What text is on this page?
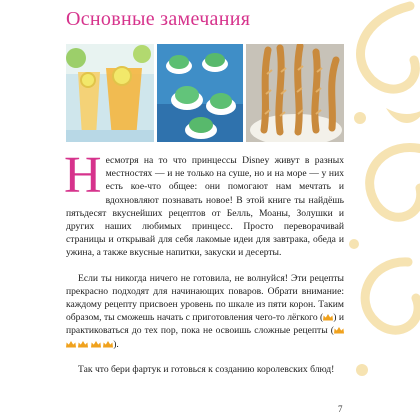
Основные замечания

Несмотря на то что принцессы Disney живут в разных местностях — и не только на суше, но и на море — у них есть кое-что общее: они помогают нам мечтать и вдохновляют познавать новое! В этой книге ты найдёшь пятьдесят вкуснейших рецептов от Белль, Моаны, Золушки и других наших любимых принцесс. Просто переворачивай страницы и открывай для себя лакомые идеи для завтрака, обеда и ужина, а также вкусные напитки, закуски и десерты.

Если ты никогда ничего не готовила, не волнуйся! Эти рецепты прекрасно подходят для начинающих поваров. Обрати внимание: каждому рецепту присвоен уровень по шкале из пяти корон. Таким образом, ты сможешь начать с приготовления чего-то лёгкого ( ) и практиковаться до тех пор, пока не освоишь сложные рецепты (

).

Так что бери фартук и готовься к созданию королевских блюд!

7
